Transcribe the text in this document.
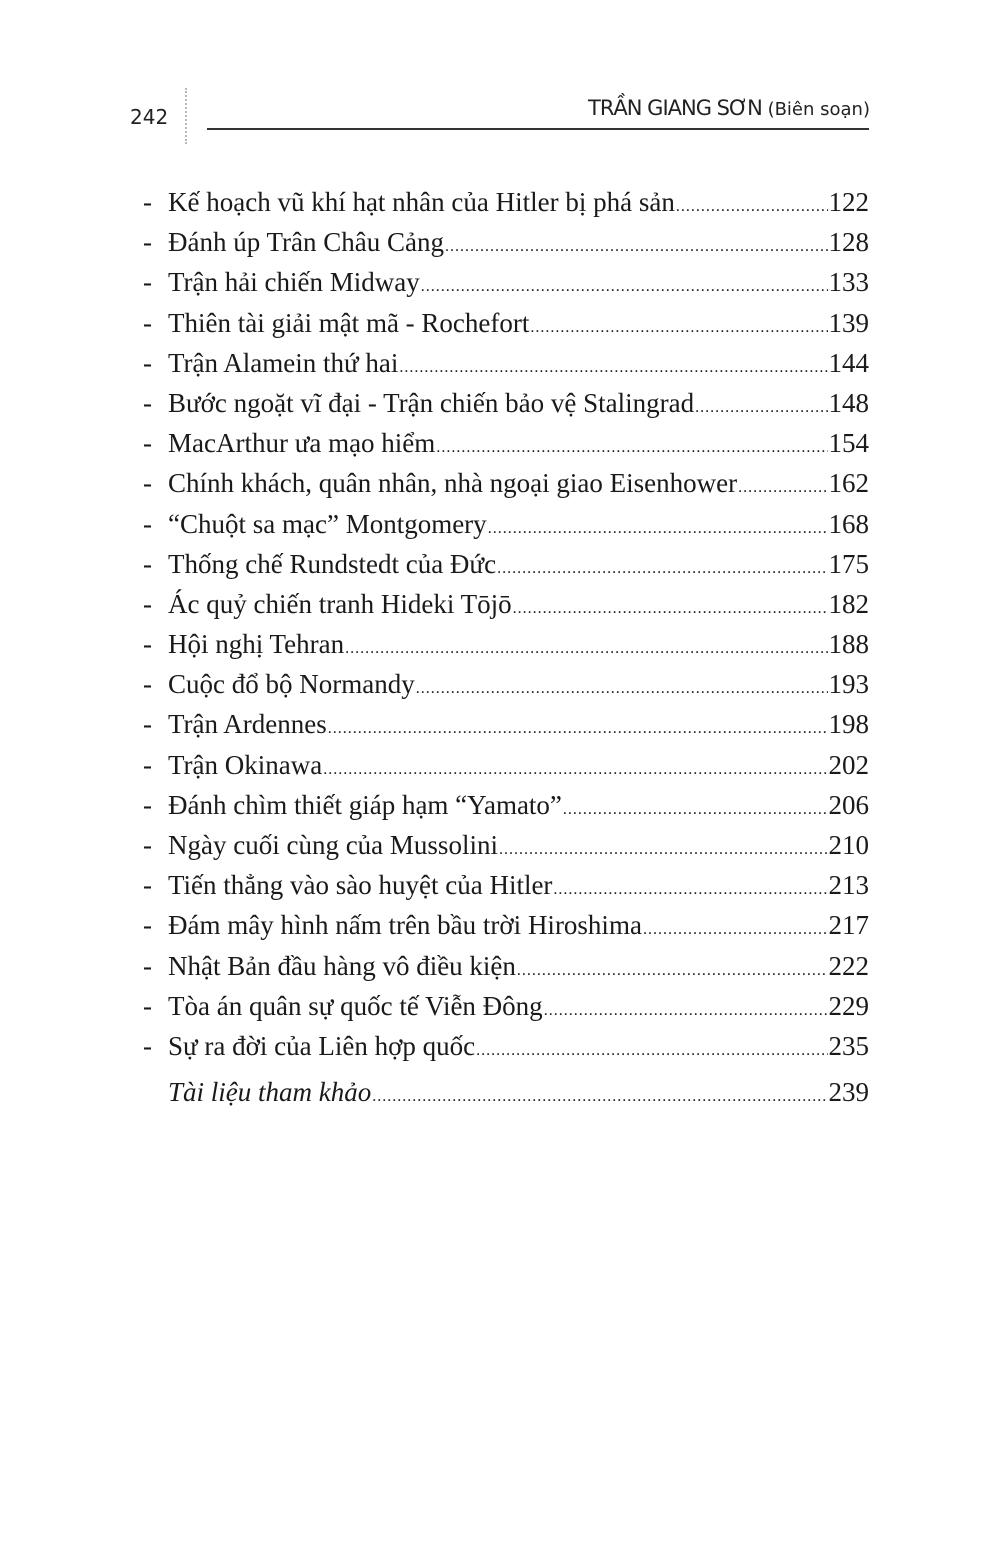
242	TRẦN GIANG SƠN (Biên soạn)
- Kế hoạch vũ khí hạt nhân của Hitler bị phá sản .....	122
- Đánh úp Trân Châu Cảng .....	128
- Trận hải chiến Midway .....	133
- Thiên tài giải mật mã - Rochefort .....	139
- Trận Alamein thứ hai .....	144
- Bước ngoặt vĩ đại - Trận chiến bảo vệ Stalingrad .....	148
- MacArthur ưa mạo hiểm .....	154
- Chính khách, quân nhân, nhà ngoại giao Eisenhower .....	162
- “Chuột sa mạc” Montgomery .....	168
- Thống chế Rundstedt của Đức .....	175
- Ác quỷ chiến tranh Hideki Tōjō .....	182
- Hội nghị Tehran .....	188
- Cuộc đổ bộ Normandy .....	193
- Trận Ardennes .....	198
- Trận Okinawa .....	202
- Đánh chìm thiết giáp hạm “Yamato” .....	206
- Ngày cuối cùng của Mussolini .....	210
- Tiến thẳng vào sào huyệt của Hitler .....	213
- Đám mây hình nấm trên bầu trời Hiroshima .....	217
- Nhật Bản đầu hàng vô điều kiện .....	222
- Tòa án quân sự quốc tế Viễn Đông .....	229
- Sự ra đời của Liên hợp quốc .....	235
Tài liệu tham khảo .....	239
